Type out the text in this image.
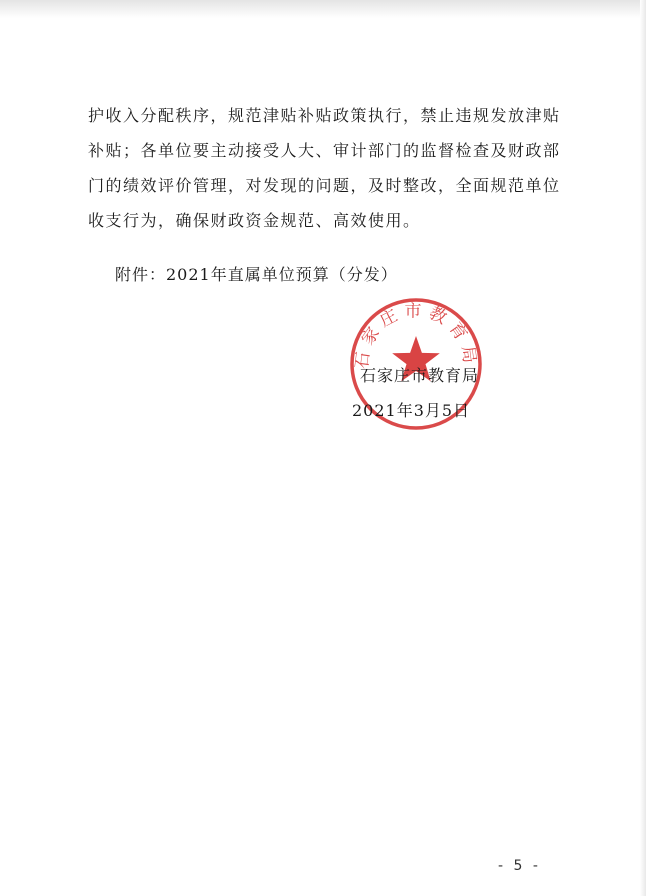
护收入分配秩序，规范津贴补贴政策执行，禁止违规发放津贴
补贴；各单位要主动接受人大、审计部门的监督检查及财政部
门的绩效评价管理，对发现的问题，及时整改，全面规范单位
收支行为，确保财政资金规范、高效使用。
附件：2021年直属单位预算（分发）
石家庄市教育局
石家庄市教育局
2021年3月5日
- 5 -
